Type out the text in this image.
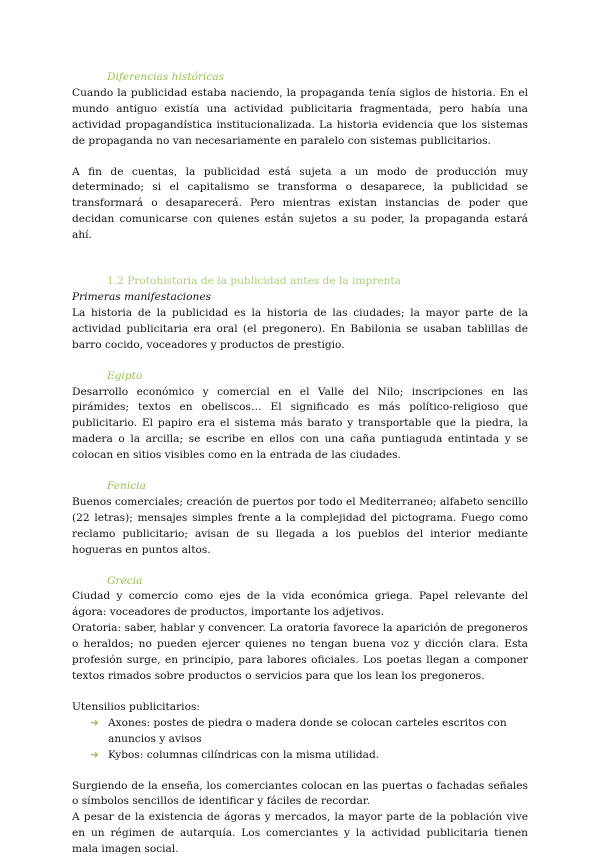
Diferencias históricas

Cuando la publicidad estaba naciendo, la propaganda tenía siglos de historia. En el mundo antiguo existía una actividad publicitaria fragmentada, pero había una actividad propagandística institucionalizada. La historia evidencia que los sistemas de propaganda no van necesariamente en paralelo con sistemas publicitarios.

A fin de cuentas, la publicidad está sujeta a un modo de producción muy determinado; si el capitalismo se transforma o desaparece, la publicidad se transformará o desaparecerá. Pero mientras existan instancias de poder que decidan comunicarse con quienes están sujetos a su poder, la propaganda estará ahí.

1.2 Protohistoria de la publicidad antes de la imprenta

Primeras manifestaciones

La historia de la publicidad es la historia de las ciudades; la mayor parte de la actividad publicitaria era oral (el pregonero). En Babilonia se usaban tablillas de barro cocido, voceadores y productos de prestigio.

Egipto

Desarrollo económico y comercial en el Valle del Nilo; inscripciones en las pirámides; textos en obeliscos… El significado es más político-religioso que publicitario. El papiro era el sistema más barato y transportable que la piedra, la madera o la arcilla; se escribe en ellos con una caña puntiaguda entintada y se colocan en sitios visibles como en la entrada de las ciudades.

Fenicia

Buenos comerciales; creación de puertos por todo el Mediterraneo; alfabeto sencillo (22 letras); mensajes simples frente a la complejidad del pictograma. Fuego como reclamo publicitario; avisan de su llegada a los pueblos del interior mediante hogueras en puntos altos.

Grecia

Ciudad y comercio como ejes de la vida económica griega. Papel relevante del ágora: voceadores de productos, importante los adjetivos.

Oratoria: saber, hablar y convencer. La oratoria favorece la aparición de pregoneros o heraldos; no pueden ejercer quienes no tengan buena voz y dicción clara. Esta profesión surge, en principio, para labores oficiales. Los poetas llegan a componer textos rimados sobre productos o servicios para que los lean los pregoneros.

Utensilios publicitarios:

➜ Axones: postes de piedra o madera donde se colocan carteles escritos con anuncios y avisos
➜ Kybos: columnas cilíndricas con la misma utilidad.

Surgiendo de la enseña, los comerciantes colocan en las puertas o fachadas señales o símbolos sencillos de identificar y fáciles de recordar.

A pesar de la existencia de ágoras y mercados, la mayor parte de la población vive en un régimen de autarquía. Los comerciantes y la actividad publicitaria tienen mala imagen social.
